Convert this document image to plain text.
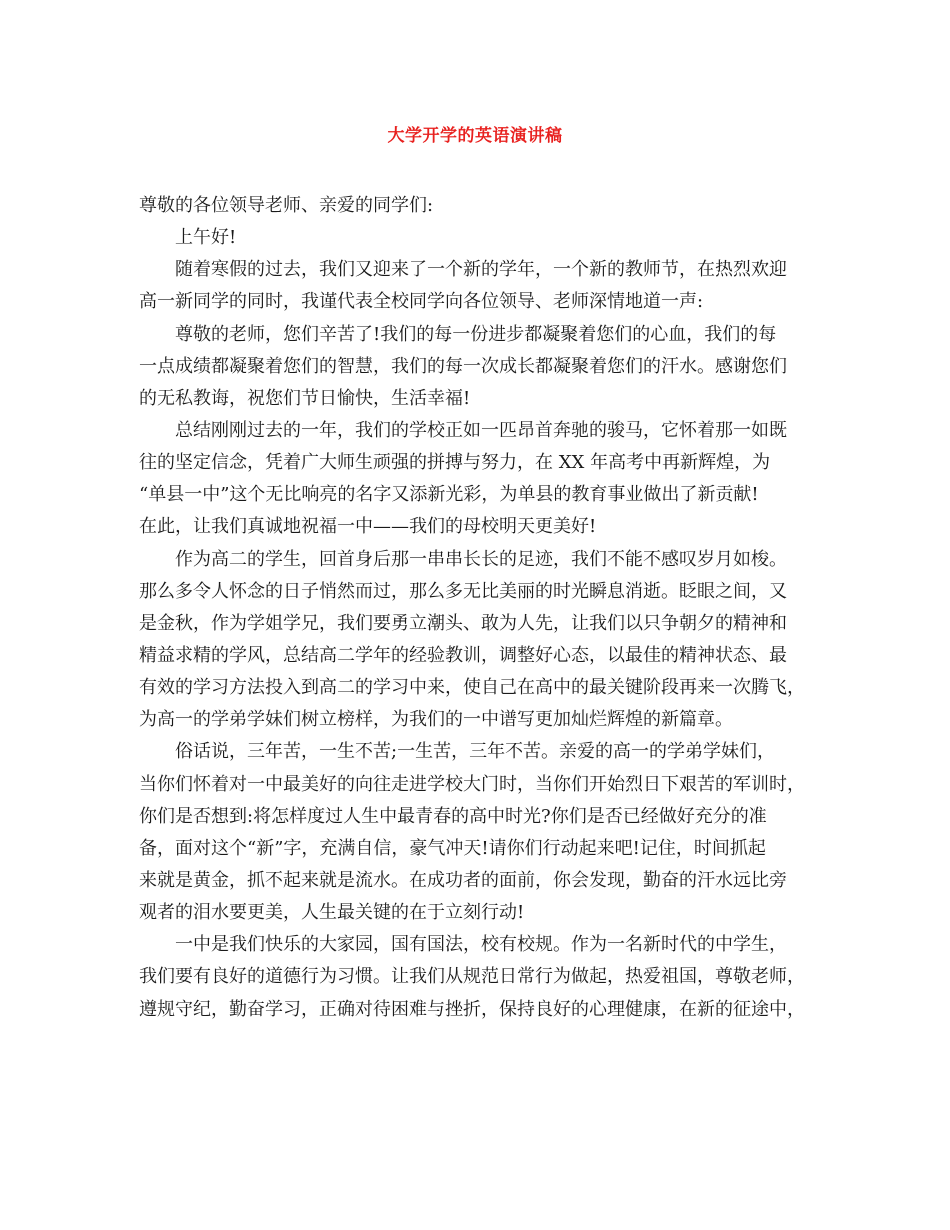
大学开学的英语演讲稿
尊敬的各位领导老师、亲爱的同学们:
上午好!
随着寒假的过去，我们又迎来了一个新的学年，一个新的教师节，在热烈欢迎
高一新同学的同时，我谨代表全校同学向各位领导、老师深情地道一声:
尊敬的老师，您们辛苦了!我们的每一份进步都凝聚着您们的心血，我们的每
一点成绩都凝聚着您们的智慧，我们的每一次成长都凝聚着您们的汗水。感谢您们
的无私教诲，祝您们节日愉快，生活幸福!
总结刚刚过去的一年，我们的学校正如一匹昂首奔驰的骏马，它怀着那一如既
往的坚定信念，凭着广大师生顽强的拼搏与努力，在 XX 年高考中再新辉煌，为
“单县一中”这个无比响亮的名字又添新光彩，为单县的教育事业做出了新贡献!
在此，让我们真诚地祝福一中——我们的母校明天更美好!
作为高二的学生，回首身后那一串串长长的足迹，我们不能不感叹岁月如梭。
那么多令人怀念的日子悄然而过，那么多无比美丽的时光瞬息消逝。眨眼之间，又
是金秋，作为学姐学兄，我们要勇立潮头、敢为人先，让我们以只争朝夕的精神和
精益求精的学风，总结高二学年的经验教训，调整好心态，以最佳的精神状态、最
有效的学习方法投入到高二的学习中来，使自己在高中的最关键阶段再来一次腾飞，
为高一的学弟学妹们树立榜样，为我们的一中谱写更加灿烂辉煌的新篇章。
俗话说，三年苦，一生不苦;一生苦，三年不苦。亲爱的高一的学弟学妹们，
当你们怀着对一中最美好的向往走进学校大门时，当你们开始烈日下艰苦的军训时，
你们是否想到:将怎样度过人生中最青春的高中时光?你们是否已经做好充分的准
备，面对这个“新”字，充满自信，豪气冲天!请你们行动起来吧!记住，时间抓起
来就是黄金，抓不起来就是流水。在成功者的面前，你会发现，勤奋的汗水远比旁
观者的泪水要更美，人生最关键的在于立刻行动!
一中是我们快乐的大家园，国有国法，校有校规。作为一名新时代的中学生，
我们要有良好的道德行为习惯。让我们从规范日常行为做起，热爱祖国，尊敬老师，
遵规守纪，勤奋学习，正确对待困难与挫折，保持良好的心理健康，在新的征途中，
